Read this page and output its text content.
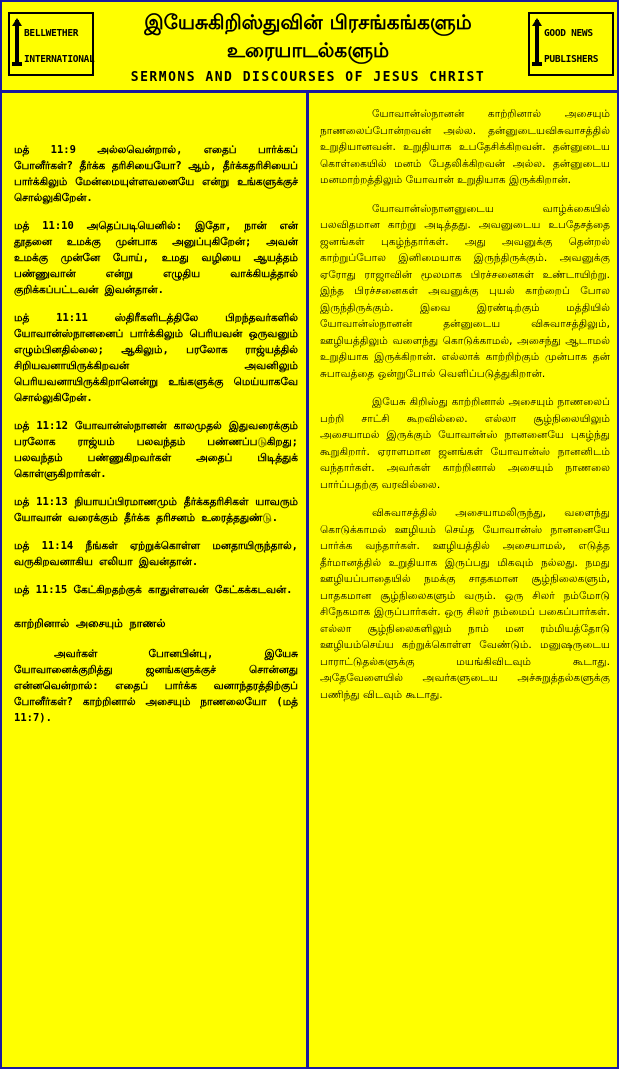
BELLWETHER
INTERNATIONAL
இயேசுகிறிஸ்துவின் பிரசங்கங்களும்
உரையாடல்களும்
SERMONS AND DISCOURSES OF JESUS CHRIST
GOOD NEWS
PUBLISHERS

மத் 11:9 அல்லவென்றால், எதைப் பார்க்கப் போனீர்கள்? தீர்க்க தரிசியையோ? ஆம், தீர்க்கதரிசியைப் பார்க்கிலும் மேன்மையுள்ளவனையே என்று உங்களுக்குச் சொல்லுகிறேன்.

மத் 11:10 அதெப்படியெனில்: இதோ, நான் என் தூதனை உமக்கு முன்பாக அனுப்புகிறேன்; அவன் உமக்கு முன்னே போய், உமது வழியை ஆயத்தம் பண்ணுவான் என்று எழுதிய வாக்கியத்தால் குறிக்கப்பட்டவன் இவன்தான்.

மத் 11:11 ஸ்திரீகளிடத்திலே பிறந்தவர்களில் யோவான்ஸ்நானனைப் பார்க்கிலும் பெரியவன் ஒருவனும் எழும்பினதில்லை; ஆகிலும், பரலோக ராஜ்யத்தில் சிறியவனாயிருக்கிறவன் அவனிலும் பெரியவனாயிருக்கிறானென்று உங்களுக்கு மெய்யாகவே சொல்லுகிறேன்.

மத் 11:12 யோவான்ஸ்நானன் காலமுதல் இதுவரைக்கும் பரலோக ராஜ்யம் பலவந்தம் பண்ணப்படுகிறது; பலவந்தம் பண்ணுகிறவர்கள் அதைப் பிடித்துக் கொள்ளுகிறார்கள்.

மத் 11:13 நியாயப்பிரமாணமும் தீர்க்கதரிசிகள் யாவரும் யோவான் வரைக்கும் தீர்க்க தரிசனம் உரைத்ததுண்டு.

மத் 11:14 நீங்கள் ஏற்றுக்கொள்ள மனதாயிருந்தால், வருகிறவனாகிய எலியா இவன்தான்.

மத் 11:15 கேட்கிறதற்குக் காதுள்ளவன் கேட்கக்கடவன்.

காற்றினால் அசையும் நாணல்

அவர்கள் போனபின்பு, இயேசு யோவானைக்குறித்து ஜனங்களுக்குச் சொன்னது என்னவென்றால்: எதைப் பார்க்க வனாந்தரத்திற்குப் போனீர்கள்? காற்றினால் அசையும் நாணலையோ (மத் 11:7).

யோவான்ஸ்நானன் காற்றினால் அசையும் நாணலைப்போன்றவன் அல்ல. தன்னுடையவிசுவாசத்தில் உறுதியானவன். உறுதியாக உபதேசிக்கிறவன். தன்னுடைய கொள்கையில் மனம் பேதலிக்கிறவன் அல்ல. தன்னுடைய மனமாற்றத்திலும் யோவான் உறுதியாக இருக்கிறான்.

யோவான்ஸ்நானனுடைய வாழ்க்கையில் பலவிதமான காற்று அடித்தது. அவனுடைய உபதேசத்தை ஜனங்கள் புகழ்ந்தார்கள். அது அவனுக்கு தென்றல் காற்றுப்போல இனிமையாக இருந்திருக்கும். அவனுக்கு ஏரோது ராஜாவின் மூலமாக பிரச்சனைகள் உண்டாயிற்று. இந்த பிரச்சனைகள் அவனுக்கு புயல் காற்றைப் போல இருந்திருக்கும். இவை இரண்டிற்கும் மத்தியில் யோவான்ஸ்நானன் தன்னுடைய விசுவாசத்திலும், ஊழியத்திலும் வளைந்து கொடுக்காமல், அசைந்து ஆடாமல் உறுதியாக இருக்கிறான். எல்லாக் காற்றிற்கும் முன்பாக தன் சுபாவத்தை ஒன்றுபோல் வெளிப்படுத்துகிறான்.

இயேசு கிறிஸ்து காற்றினால் அசையும் நாணலைப் பற்றி சாட்சி கூறவில்லை. எல்லா சூழ்நிலையிலும் அசையாமல் இருக்கும் யோவான்ஸ் நானனையே புகழ்ந்து கூறுகிறார். ஏராளமான ஜனங்கள் யோவான்ஸ் நானனிடம் வந்தார்கள். அவர்கள் காற்றினால் அசையும் நாணலை பார்ப்பதற்கு வரவில்லை.

விசுவாசத்தில் அசையாமலிருந்து, வளைந்து கொடுக்காமல் ஊழியம் செய்த யோவான்ஸ் நானனையே பார்க்க வந்தார்கள். ஊழியத்தில் அசையாமல், எடுத்த தீர்மானத்தில் உறுதியாக இருப்பது மிகவும் நல்லது. நமது ஊழியப்பாதையில் நமக்கு சாதகமான சூழ்நிலைகளும், பாதகமான சூழ்நிலைகளும் வரும். ஒரு சிலர் நம்மோடு சிநேகமாக இருப்பார்கள். ஒரு சிலர் நம்மைப் பகைப்பார்கள். எல்லா சூழ்நிலைகளிலும் நாம் மன ரம்மியத்தோடு ஊழியம்செய்ய கற்றுக்கொள்ள வேண்டும். மனுஷருடைய பாராட்டுதல்களுக்கு மயங்கிவிடவும் கூடாது. அதேவேளையில் அவர்களுடைய அச்சுறுத்தல்களுக்கு பணிந்து விடவும் கூடாது.
